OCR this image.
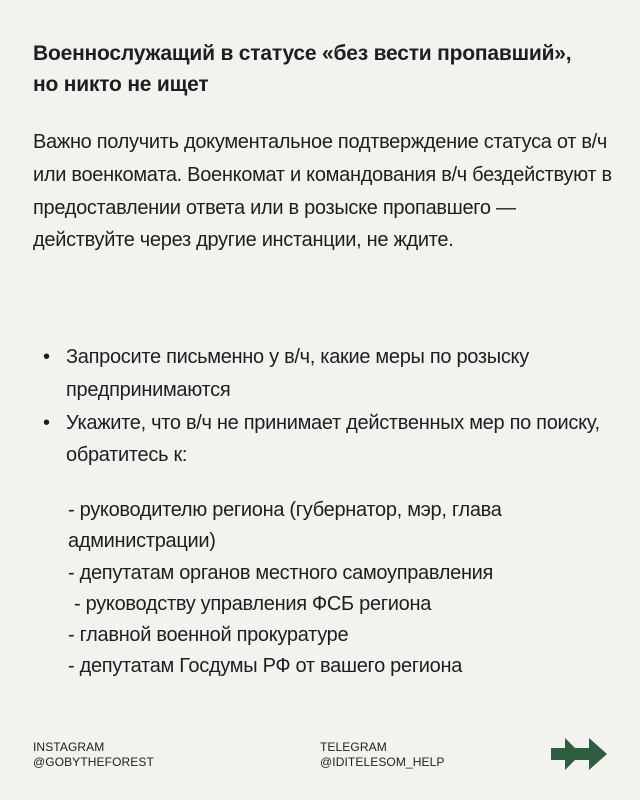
Военнослужащий в статусе «без вести пропавший», но никто не ищет

Важно получить документальное подтверждение статуса от в/ч или военкомата. Военкомат и командования в/ч бездействуют в предоставлении ответа или в розыске пропавшего — действуйте через другие инстанции, не ждите.

• Запросите письменно у в/ч, какие меры по розыску предпринимаются
• Укажите, что в/ч не принимает действенных мер по поиску, обратитесь к:
- руководителю региона (губернатор, мэр, глава администрации)
- депутатам органов местного самоуправления
- руководству управления ФСБ региона
- главной военной прокуратуре
- депутатам Госдумы РФ от вашего региона
INSTAGRAM
@GOBYTHEFOREST
TELEGRAM
@IDITELESOM_HELP
